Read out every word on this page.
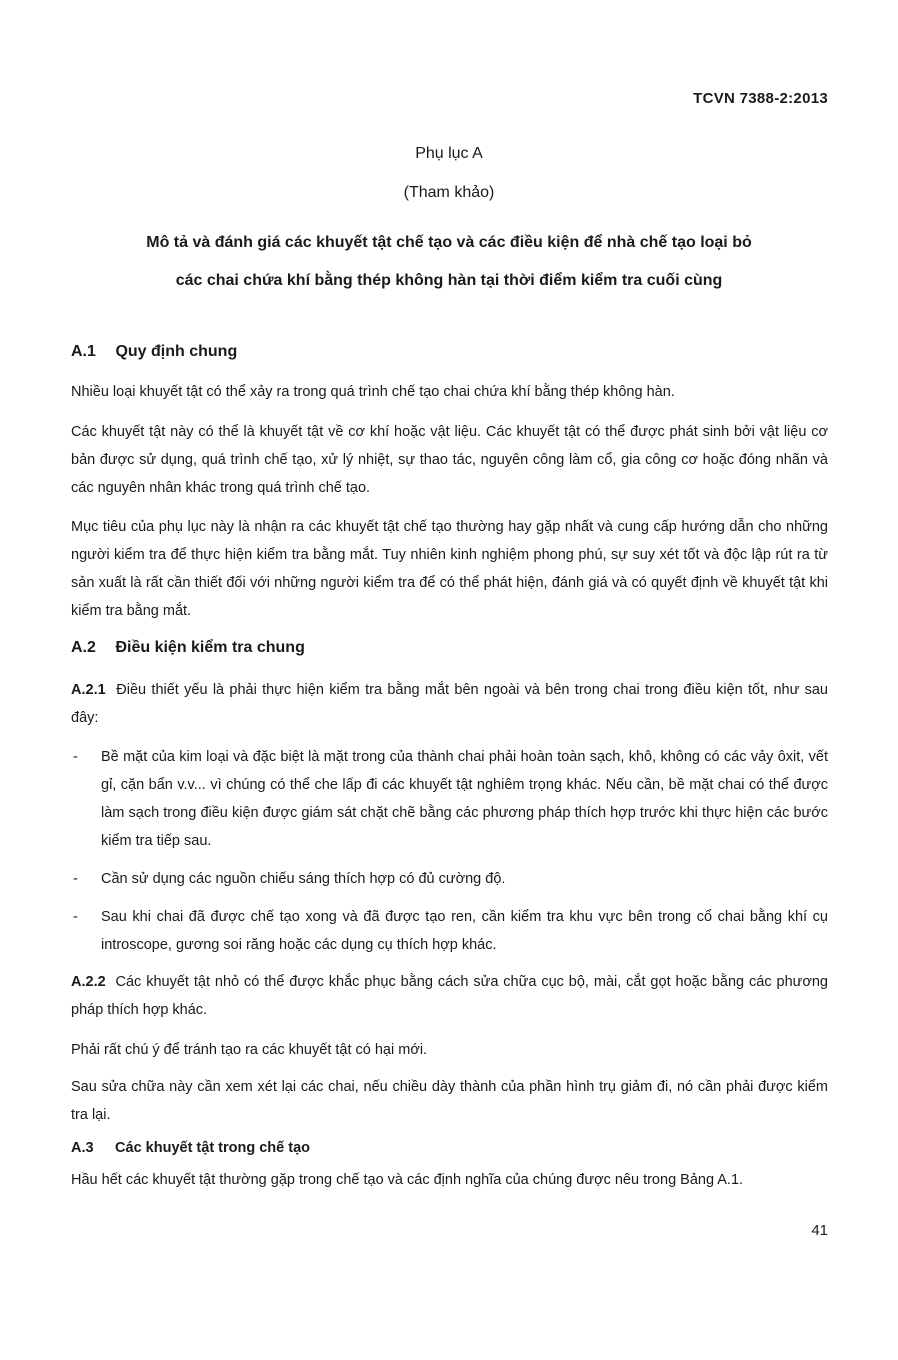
TCVN 7388-2:2013
Phụ lục A
(Tham khảo)
Mô tả và đánh giá các khuyết tật chế tạo và các điều kiện để nhà chế tạo loại bỏ
các chai chứa khí bằng thép không hàn tại thời điểm kiểm tra cuối cùng
A.1 Quy định chung
Nhiều loại khuyết tật có thể xảy ra trong quá trình chế tạo chai chứa khí bằng thép không hàn.
Các khuyết tật này có thể là khuyết tật về cơ khí hoặc vật liệu. Các khuyết tật có thể được phát sinh bởi vật liệu cơ bản được sử dụng, quá trình chế tạo, xử lý nhiệt, sự thao tác, nguyên công làm cổ, gia công cơ hoặc đóng nhãn và các nguyên nhân khác trong quá trình chế tạo.
Mục tiêu của phụ lục này là nhận ra các khuyết tật chế tạo thường hay gặp nhất và cung cấp hướng dẫn cho những người kiểm tra để thực hiện kiểm tra bằng mắt. Tuy nhiên kinh nghiệm phong phú, sự suy xét tốt và độc lập rút ra từ sản xuất là rất cần thiết đối với những người kiểm tra để có thể phát hiện, đánh giá và có quyết định về khuyết tật khi kiểm tra bằng mắt.
A.2 Điều kiện kiểm tra chung
A.2.1 Điều thiết yếu là phải thực hiện kiểm tra bằng mắt bên ngoài và bên trong chai trong điều kiện tốt, như sau đây:
- Bề mặt của kim loại và đặc biệt là mặt trong của thành chai phải hoàn toàn sạch, khô, không có các vảy ôxit, vết gỉ, cặn bẩn v.v... vì chúng có thể che lấp đi các khuyết tật nghiêm trọng khác. Nếu cần, bề mặt chai có thể được làm sạch trong điều kiện được giám sát chặt chẽ bằng các phương pháp thích hợp trước khi thực hiện các bước kiểm tra tiếp sau.
- Cần sử dụng các nguồn chiếu sáng thích hợp có đủ cường độ.
- Sau khi chai đã được chế tạo xong và đã được tạo ren, cần kiểm tra khu vực bên trong cổ chai bằng khí cụ introscope, gương soi răng hoặc các dụng cụ thích hợp khác.
A.2.2 Các khuyết tật nhỏ có thể được khắc phục bằng cách sửa chữa cục bộ, mài, cắt gọt hoặc bằng các phương pháp thích hợp khác.
Phải rất chú ý để tránh tạo ra các khuyết tật có hại mới.
Sau sửa chữa này cần xem xét lại các chai, nếu chiều dày thành của phần hình trụ giảm đi, nó cần phải được kiểm tra lại.
A.3 Các khuyết tật trong chế tạo
Hầu hết các khuyết tật thường gặp trong chế tạo và các định nghĩa của chúng được nêu trong Bảng A.1.
41
